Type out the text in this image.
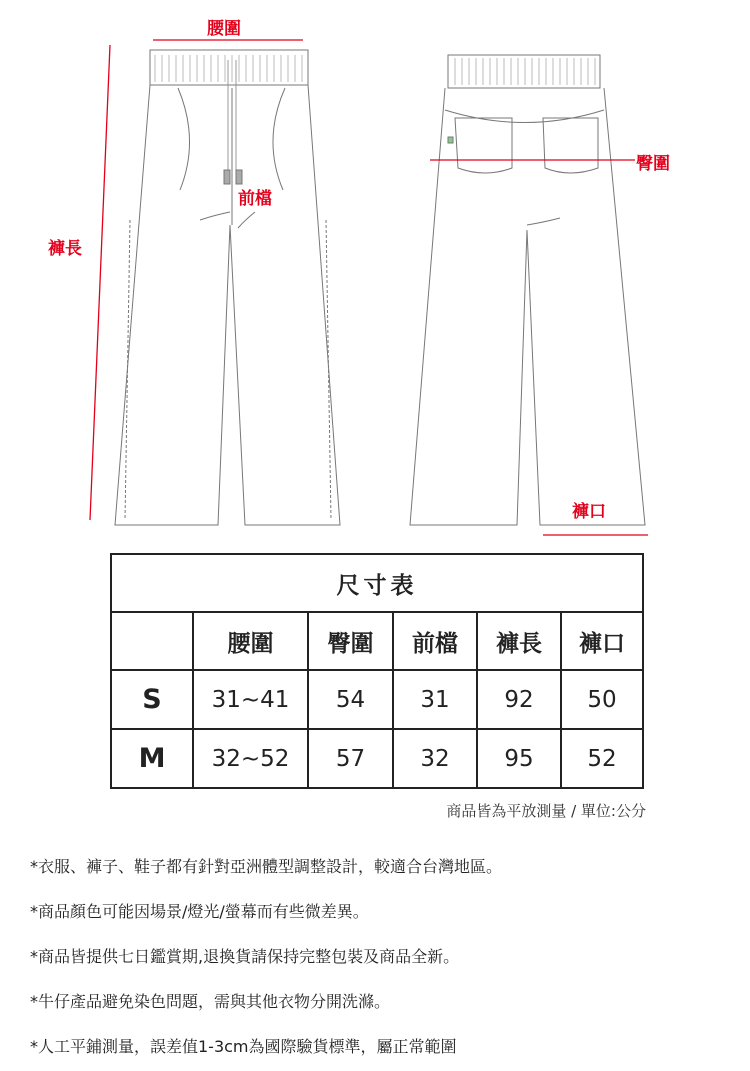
腰圍
前檔
褲長
臀圍
褲口
尺寸表					
	腰圍	臀圍	前檔	褲長	褲口
S	31~41	54	31	92	50
M	32~52	57	32	95	52
商品皆為平放測量 / 單位:公分
*衣服、褲子、鞋子都有針對亞洲體型調整設計，較適合台灣地區。
*商品顏色可能因場景/燈光/螢幕而有些微差異。
*商品皆提供七日鑑賞期,退換貨請保持完整包裝及商品全新。
*牛仔產品避免染色問題，需與其他衣物分開洗滌。
*人工平鋪測量，誤差值1-3cm為國際驗貨標準，屬正常範圍
